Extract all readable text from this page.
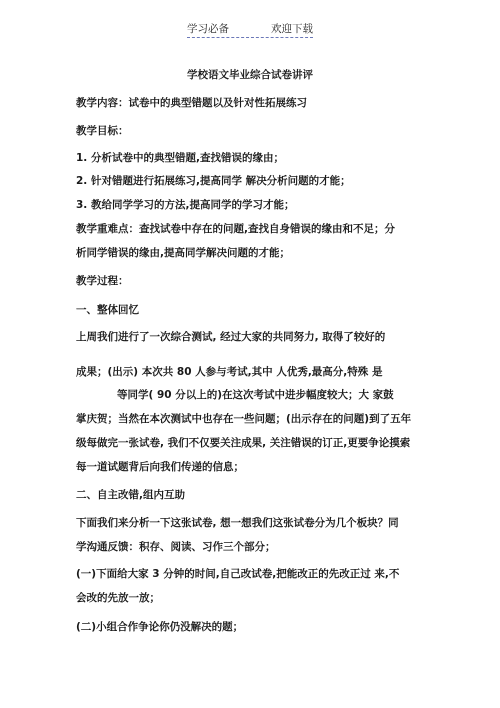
学习必备	欢迎下载
学校语文毕业综合试卷讲评
教学内容：试卷中的典型错题以及针对性拓展练习
教学目标：
1. 分析试卷中的典型错题,查找错误的缘由；
2. 针对错题进行拓展练习,提高同学 解决分析问题的才能；
3. 教给同学学习的方法,提高同学的学习才能；
教学重难点：查找试卷中存在的问题,查找自身错误的缘由和不足；分
析同学错误的缘由,提高同学解决问题的才能；
教学过程：
一、整体回忆
上周我们进行了一次综合测试, 经过大家的共同努力, 取得了较好的
成果；(出示) 本次共 80 人参与考试,其中 人优秀,最高分,特殊 是
等同学( 90 分以上的)在这次考试中进步幅度较大；大 家鼓
掌庆贺；当然在本次测试中也存在一些问题；(出示存在的问题)到了五年
级每做完一张试卷, 我们不仅要关注成果, 关注错误的订正,更要争论摸索
每一道试题背后向我们传递的信息；
二、自主改错,组内互助
下面我们来分析一下这张试卷, 想一想我们这张试卷分为几个板块？同
学沟通反馈：积存、阅读、习作三个部分；
(一)下面给大家 3 分钟的时间,自己改试卷,把能改正的先改正过 来,不
会改的先放一放；
(二)小组合作争论你仍没解决的题；
